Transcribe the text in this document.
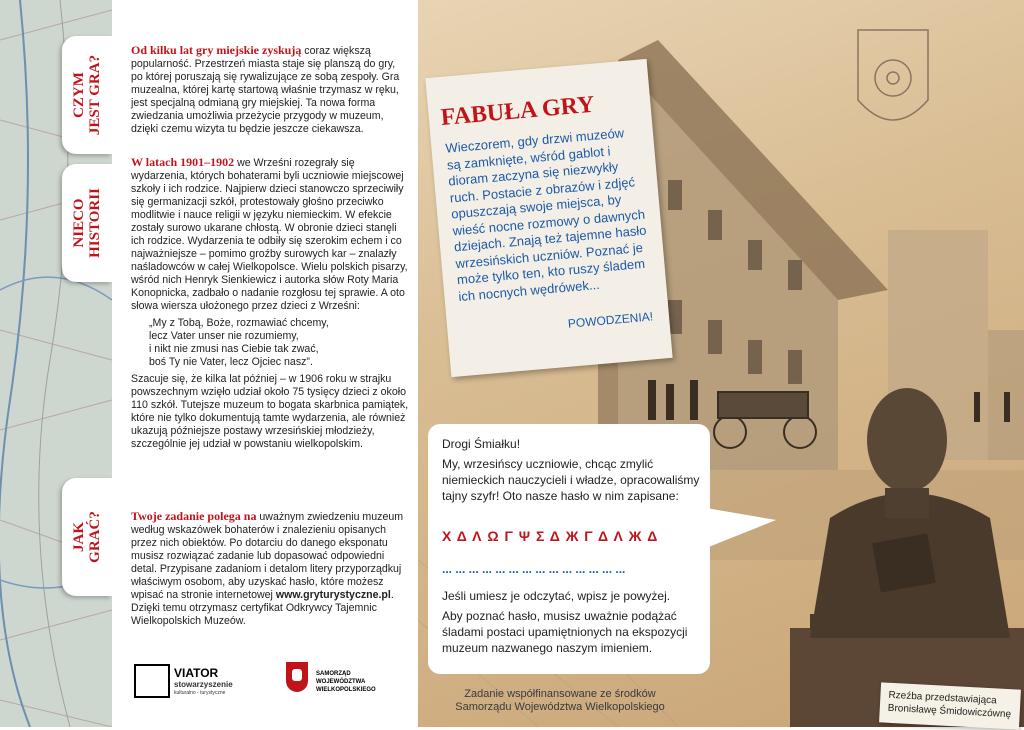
CZYM
JEST GRA?
NIECO
HISTORII
JAK
GRAĆ?
Od kilku lat gry miejskie zyskują coraz większą popularność. Przestrzeń miasta staje się planszą do gry, po której poruszają się rywalizujące ze sobą zespoły. Gra muzealna, której kartę startową właśnie trzymasz w ręku, jest specjalną odmianą gry miejskiej. Ta nowa forma zwiedzania umożliwia przeżycie przygody w muzeum, dzięki czemu wizyta tu będzie jeszcze ciekawsza.
W latach 1901–1902 we Wrześni rozegrały się wydarzenia, których bohaterami byli uczniowie miejscowej szkoły i ich rodzice. Najpierw dzieci stanowczo sprzeciwiły się germanizacji szkół, protestowały głośno przeciwko modlitwie i nauce religii w języku niemieckim. W efekcie zostały surowo ukarane chłostą. W obronie dzieci stanęli ich rodzice. Wydarzenia te odbiły się szerokim echem i co najważniejsze – pomimo groźby surowych kar – znalazły naśladowców w całej Wielkopolsce. Wielu polskich pisarzy, wśród nich Henryk Sienkiewicz i autorka słów Roty Maria Konopnicka, zadbało o nadanie rozgłosu tej sprawie. A oto słowa wiersza ułożonego przez dzieci z Wrześni:
„My z Tobą, Boże, rozmawiać chcemy,
lecz Vater unser nie rozumiemy,
i nikt nie zmusi nas Ciebie tak zwać,
boś Ty nie Vater, lecz Ojciec nasz”.
Szacuje się, że kilka lat później – w 1906 roku w strajku powszechnym wzięło udział około 75 tysięcy dzieci z około 110 szkół. Tutejsze muzeum to bogata skarbnica pamiątek, które nie tylko dokumentują tamte wydarzenia, ale również ukazują późniejsze postawy wrzesińskiej młodzieży, szczególnie jej udział w powstaniu wielkopolskim.
Twoje zadanie polega na uważnym zwiedzeniu muzeum według wskazówek bohaterów i znalezieniu opisanych przez nich obiektów. Po dotarciu do danego eksponatu musisz rozwiązać zadanie lub dopasować odpowiedni detal. Przypisane zadaniom i detalom litery przyporządkuj właściwym osobom, aby uzyskać hasło, które możesz wpisać na stronie internetowej www.gryturystyczne.pl. Dzięki temu otrzymasz certyfikat Odkrywcy Tajemnic Wielkopolskich Muzeów.
VIATOR
stowarzyszenie
kulturalno - turystyczne
SAMORZĄD WOJEWÓDZTWA WIELKOPOLSKIEGO
FABUŁA GRY

Wieczorem, gdy drzwi muzeów są zamknięte, wśród gablot i dioram zaczyna się niezwykły ruch. Postacie z obrazów i zdjęć opuszczają swoje miejsca, by wieść nocne rozmowy o dawnych dziejach. Znają też tajemne hasło wrzesińskich uczniów. Poznać je może tylko ten, kto ruszy śladem ich nocnych wędrówek...

POWODZENIA!
Drogi Śmiałku!
My, wrzesińscy uczniowie, chcąc zmylić niemieckich nauczycieli i władze, opracowaliśmy tajny szyfr! Oto nasze hasło w nim zapisane:
Χ Δ Λ Ω Γ Ψ Σ Δ Ж Γ Δ Λ Ж Δ
... ... ... ... ... ... ... ... ... ... ... ... ... ...
Jeśli umiesz je odczytać, wpisz je powyżej.
Aby poznać hasło, musisz uważnie podążać śladami postaci upamiętnionych na ekspozycji muzeum nazwanego naszym imieniem.
Zadanie współfinansowane ze środków Samorządu Województwa Wielkopolskiego
Rzeźba przedstawiająca Bronisławę Śmidowiczównę
